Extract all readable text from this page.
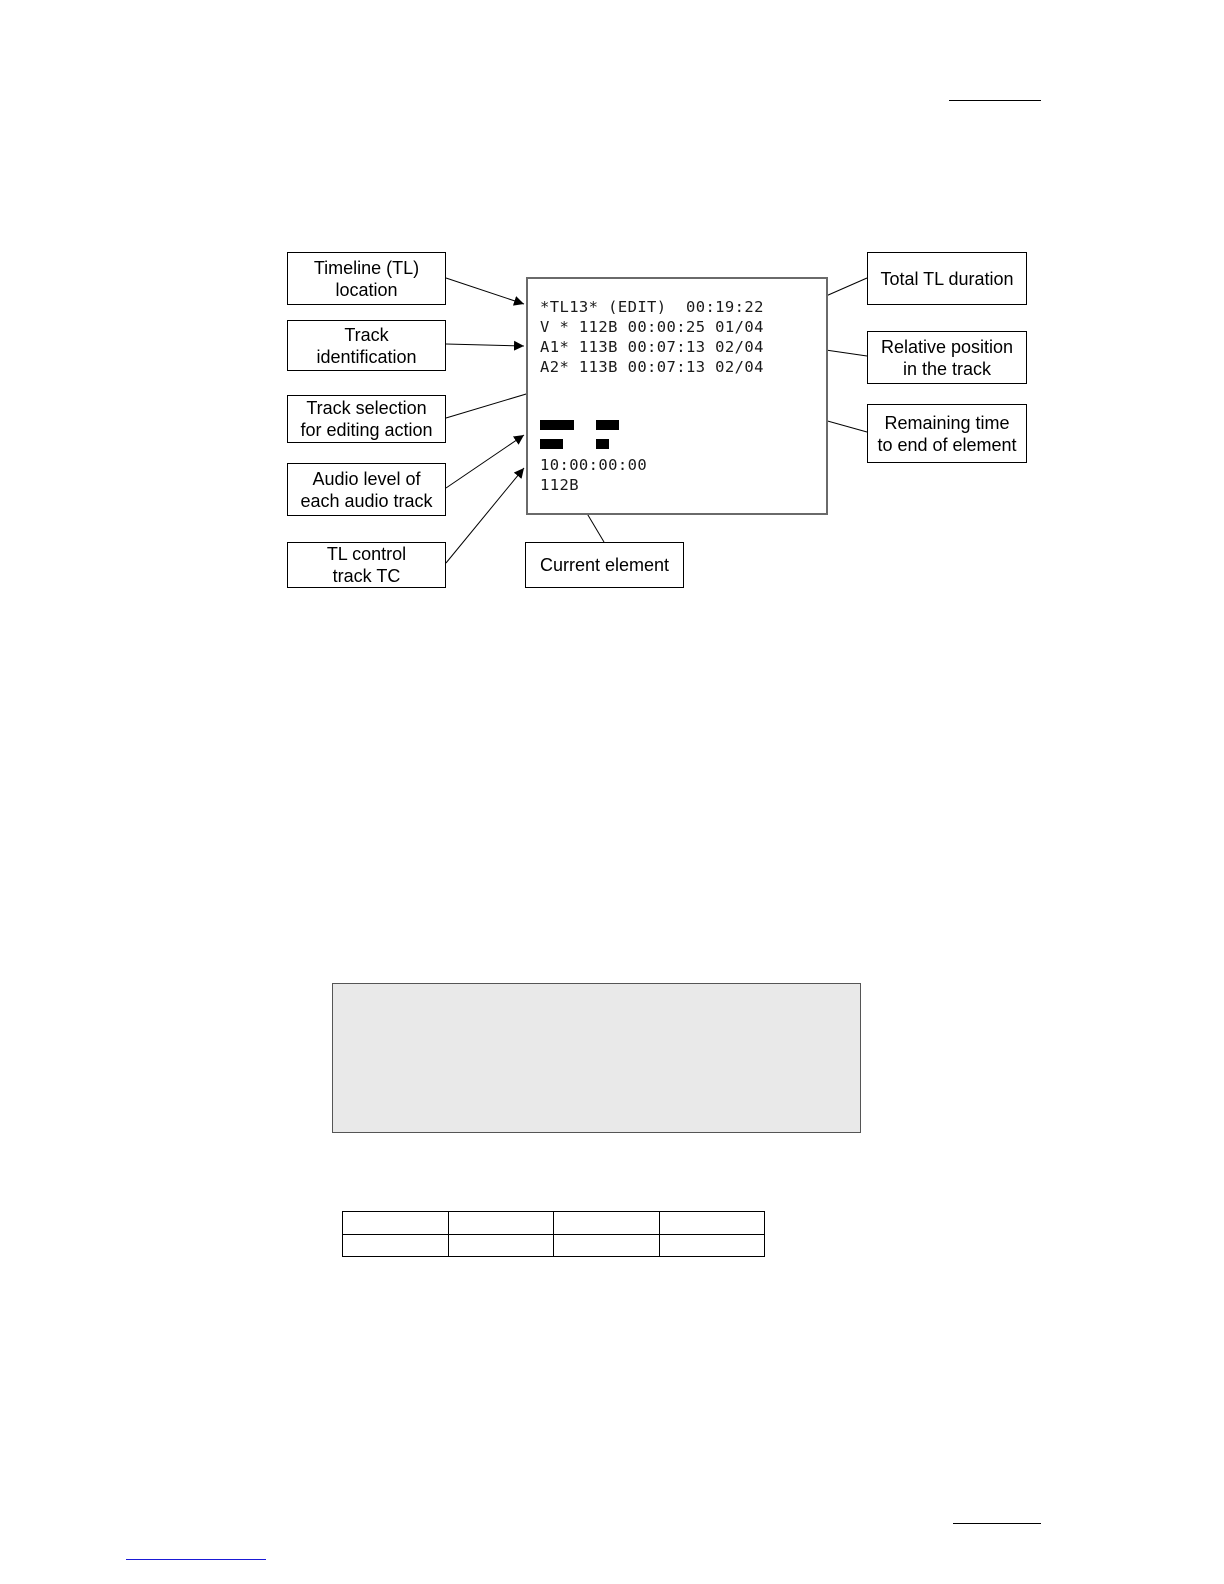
*TL13* (EDIT)  00:19:22
V * 112B 00:00:25 01/04
A1* 113B 00:07:13 02/04
A2* 113B 00:07:13 02/04
10:00:00:00
112B
Timeline (TL)
location
Track
identification
Track selection
for editing action
Audio level of
each audio track
TL control
track TC
Current element
Total TL duration
Relative position
in the track
Remaining time
to end of element
